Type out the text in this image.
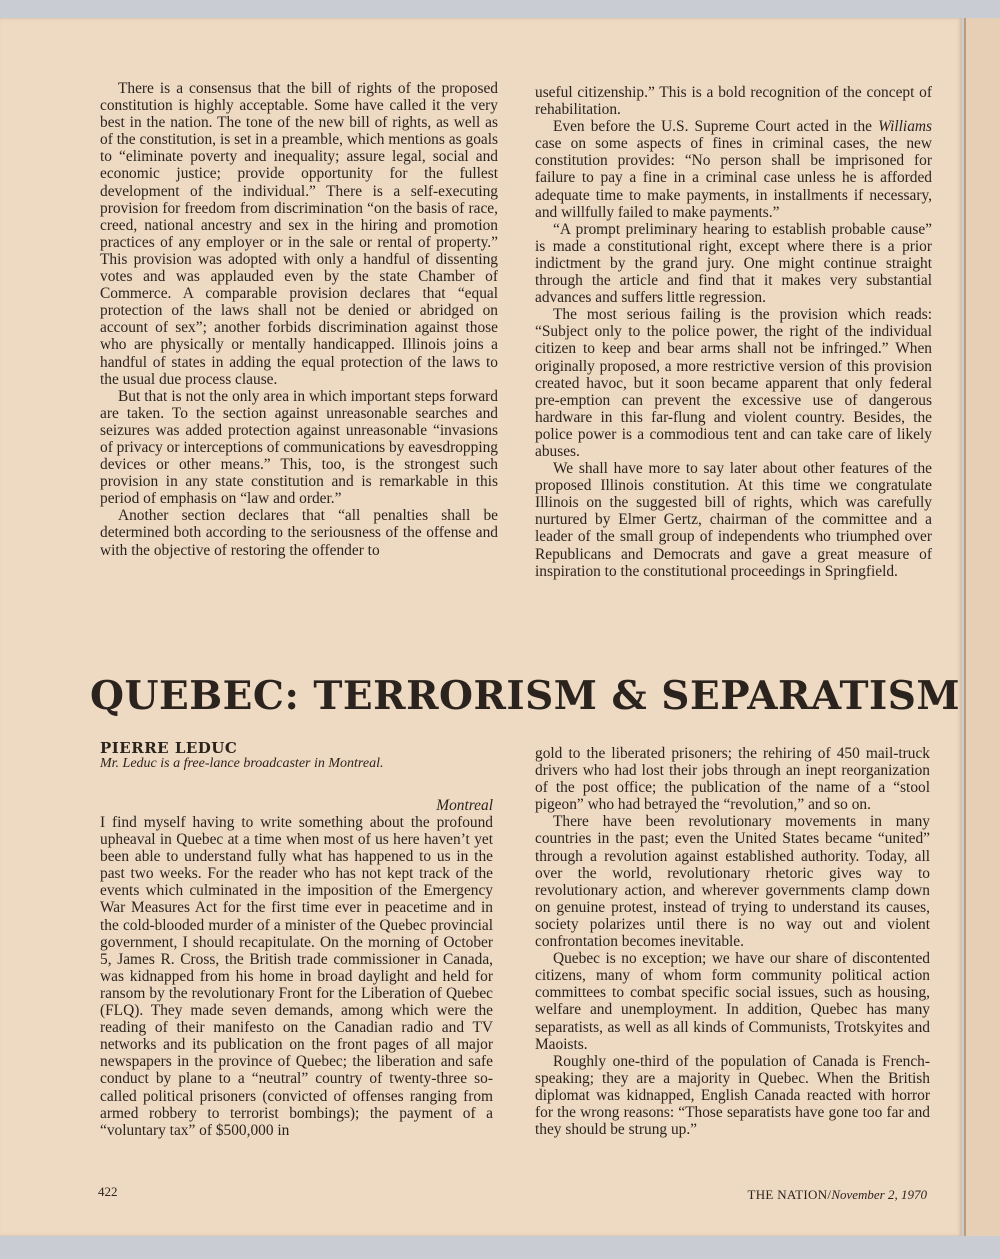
There is a consensus that the bill of rights of the proposed constitution is highly acceptable. Some have called it the very best in the nation. The tone of the new bill of rights, as well as of the constitution, is set in a preamble, which mentions as goals to “eliminate poverty and inequality; assure legal, social and economic justice; provide opportunity for the fullest development of the individual.” There is a self-executing provision for freedom from discrimination “on the basis of race, creed, national ancestry and sex in the hiring and promotion practices of any employer or in the sale or rental of property.” This provision was adopted with only a handful of dissenting votes and was applauded even by the state Chamber of Commerce. A comparable provision declares that “equal protection of the laws shall not be denied or abridged on account of sex”; another forbids discrimination against those who are physically or mentally handicapped. Illinois joins a handful of states in adding the equal protection of the laws to the usual due process clause.

But that is not the only area in which important steps forward are taken. To the section against unreasonable searches and seizures was added protection against unreasonable “invasions of privacy or interceptions of communications by eavesdropping devices or other means.” This, too, is the strongest such provision in any state constitution and is remarkable in this period of emphasis on “law and order.”

Another section declares that “all penalties shall be determined both according to the seriousness of the offense and with the objective of restoring the offender to

useful citizenship.” This is a bold recognition of the concept of rehabilitation.

Even before the U.S. Supreme Court acted in the Williams case on some aspects of fines in criminal cases, the new constitution provides: “No person shall be imprisoned for failure to pay a fine in a criminal case unless he is afforded adequate time to make payments, in installments if necessary, and willfully failed to make payments.”

“A prompt preliminary hearing to establish probable cause” is made a constitutional right, except where there is a prior indictment by the grand jury. One might continue straight through the article and find that it makes very substantial advances and suffers little regression.

The most serious failing is the provision which reads: “Subject only to the police power, the right of the individual citizen to keep and bear arms shall not be infringed.” When originally proposed, a more restrictive version of this provision created havoc, but it soon became apparent that only federal pre-emption can prevent the excessive use of dangerous hardware in this far-flung and violent country. Besides, the police power is a commodious tent and can take care of likely abuses.

We shall have more to say later about other features of the proposed Illinois constitution. At this time we congratulate Illinois on the suggested bill of rights, which was carefully nurtured by Elmer Gertz, chairman of the committee and a leader of the small group of independents who triumphed over Republicans and Democrats and gave a great measure of inspiration to the constitutional proceedings in Springfield.

QUEBEC: TERRORISM & SEPARATISM
PIERRE LEDUC
Mr. Leduc is a free-lance broadcaster in Montreal.
Montreal

I find myself having to write something about the profound upheaval in Quebec at a time when most of us here haven’t yet been able to understand fully what has happened to us in the past two weeks. For the reader who has not kept track of the events which culminated in the imposition of the Emergency War Measures Act for the first time ever in peacetime and in the cold-blooded murder of a minister of the Quebec provincial government, I should recapitulate. On the morning of October 5, James R. Cross, the British trade commissioner in Canada, was kidnapped from his home in broad daylight and held for ransom by the revolutionary Front for the Liberation of Quebec (FLQ). They made seven demands, among which were the reading of their manifesto on the Canadian radio and TV networks and its publication on the front pages of all major newspapers in the province of Quebec; the liberation and safe conduct by plane to a “neutral” country of twenty-three so-called political prisoners (convicted of offenses ranging from armed robbery to terrorist bombings); the payment of a “voluntary tax” of $500,000 in

gold to the liberated prisoners; the rehiring of 450 mail-truck drivers who had lost their jobs through an inept reorganization of the post office; the publication of the name of a “stool pigeon” who had betrayed the “revolution,” and so on.

There have been revolutionary movements in many countries in the past; even the United States became “united” through a revolution against established authority. Today, all over the world, revolutionary rhetoric gives way to revolutionary action, and wherever governments clamp down on genuine protest, instead of trying to understand its causes, society polarizes until there is no way out and violent confrontation becomes inevitable.

Quebec is no exception; we have our share of discontented citizens, many of whom form community political action committees to combat specific social issues, such as housing, welfare and unemployment. In addition, Quebec has many separatists, as well as all kinds of Communists, Trotskyites and Maoists.

Roughly one-third of the population of Canada is French-speaking; they are a majority in Quebec. When the British diplomat was kidnapped, English Canada reacted with horror for the wrong reasons: “Those separatists have gone too far and they should be strung up.”

422	THE NATION/November 2, 1970
